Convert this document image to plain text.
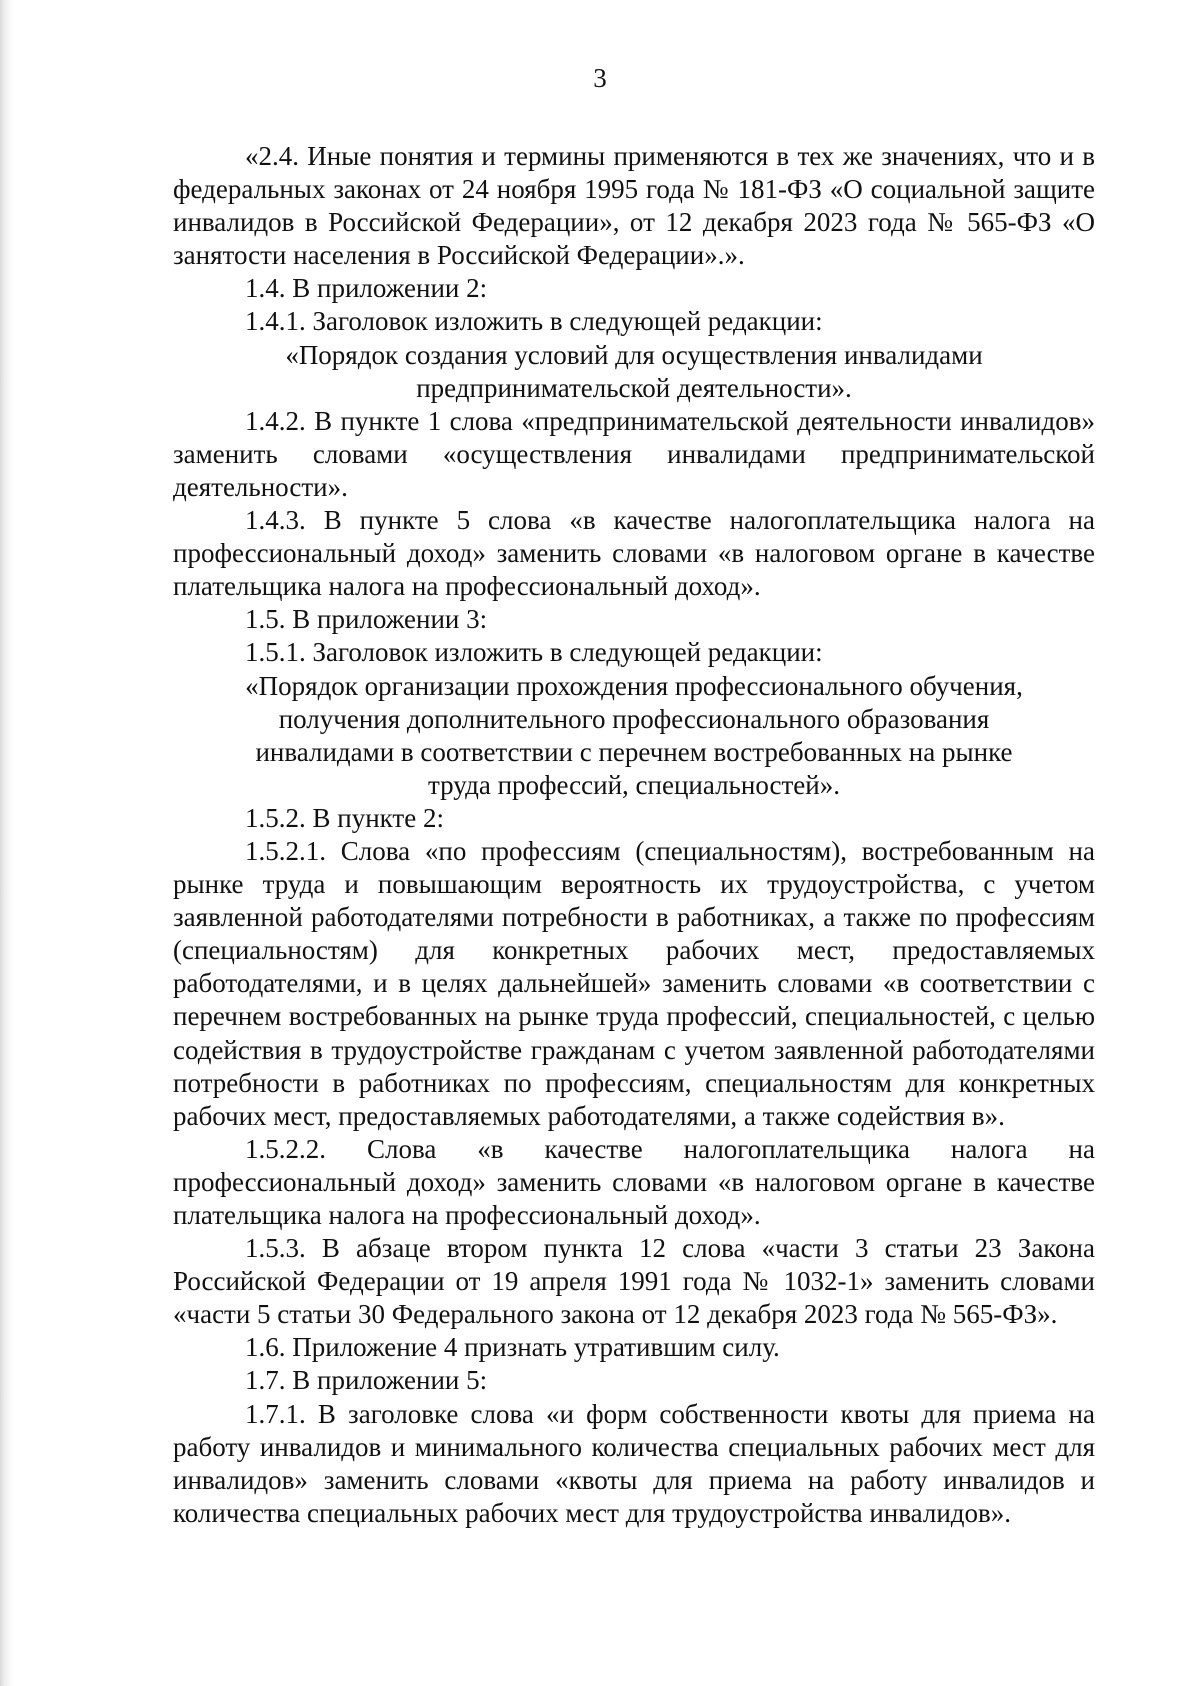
3

«2.4. Иные понятия и термины применяются в тех же значениях, что и в федеральных законах от 24 ноября 1995 года № 181-ФЗ «О социальной защите инвалидов в Российской Федерации», от 12 декабря 2023 года № 565-ФЗ «О занятости населения в Российской Федерации».».

1.4. В приложении 2:

1.4.1. Заголовок изложить в следующей редакции:

«Порядок создания условий для осуществления инвалидами

предпринимательской деятельности».

1.4.2. В пункте 1 слова «предпринимательской деятельности инвалидов» заменить словами «осуществления инвалидами предпринимательской деятельности».

1.4.3. В пункте 5 слова «в качестве налогоплательщика налога на профессиональный доход» заменить словами «в налоговом органе в качестве плательщика налога на профессиональный доход».

1.5. В приложении 3:

1.5.1. Заголовок изложить в следующей редакции:

«Порядок организации прохождения профессионального обучения,

получения дополнительного профессионального образования

инвалидами в соответствии с перечнем востребованных на рынке

труда профессий, специальностей».

1.5.2. В пункте 2:

1.5.2.1. Слова «по профессиям (специальностям), востребованным на рынке труда и повышающим вероятность их трудоустройства, с учетом заявленной работодателями потребности в работниках, а также по профессиям (специальностям) для конкретных рабочих мест, предоставляемых работодателями, и в целях дальнейшей» заменить словами «в соответствии с перечнем востребованных на рынке труда профессий, специальностей, с целью содействия в трудоустройстве гражданам с учетом заявленной работодателями потребности в работниках по профессиям, специальностям для конкретных рабочих мест, предоставляемых работодателями, а также содействия в».

1.5.2.2. Слова «в качестве налогоплательщика налога на профессиональный доход» заменить словами «в налоговом органе в качестве плательщика налога на профессиональный доход».

1.5.3. В абзаце втором пункта 12 слова «части 3 статьи 23 Закона Российской Федерации от 19 апреля 1991 года № 1032-1» заменить словами «части 5 статьи 30 Федерального закона от 12 декабря 2023 года № 565-ФЗ».

1.6. Приложение 4 признать утратившим силу.

1.7. В приложении 5:

1.7.1. В заголовке слова «и форм собственности квоты для приема на работу инвалидов и минимального количества специальных рабочих мест для инвалидов» заменить словами «квоты для приема на работу инвалидов и количества специальных рабочих мест для трудоустройства инвалидов».
